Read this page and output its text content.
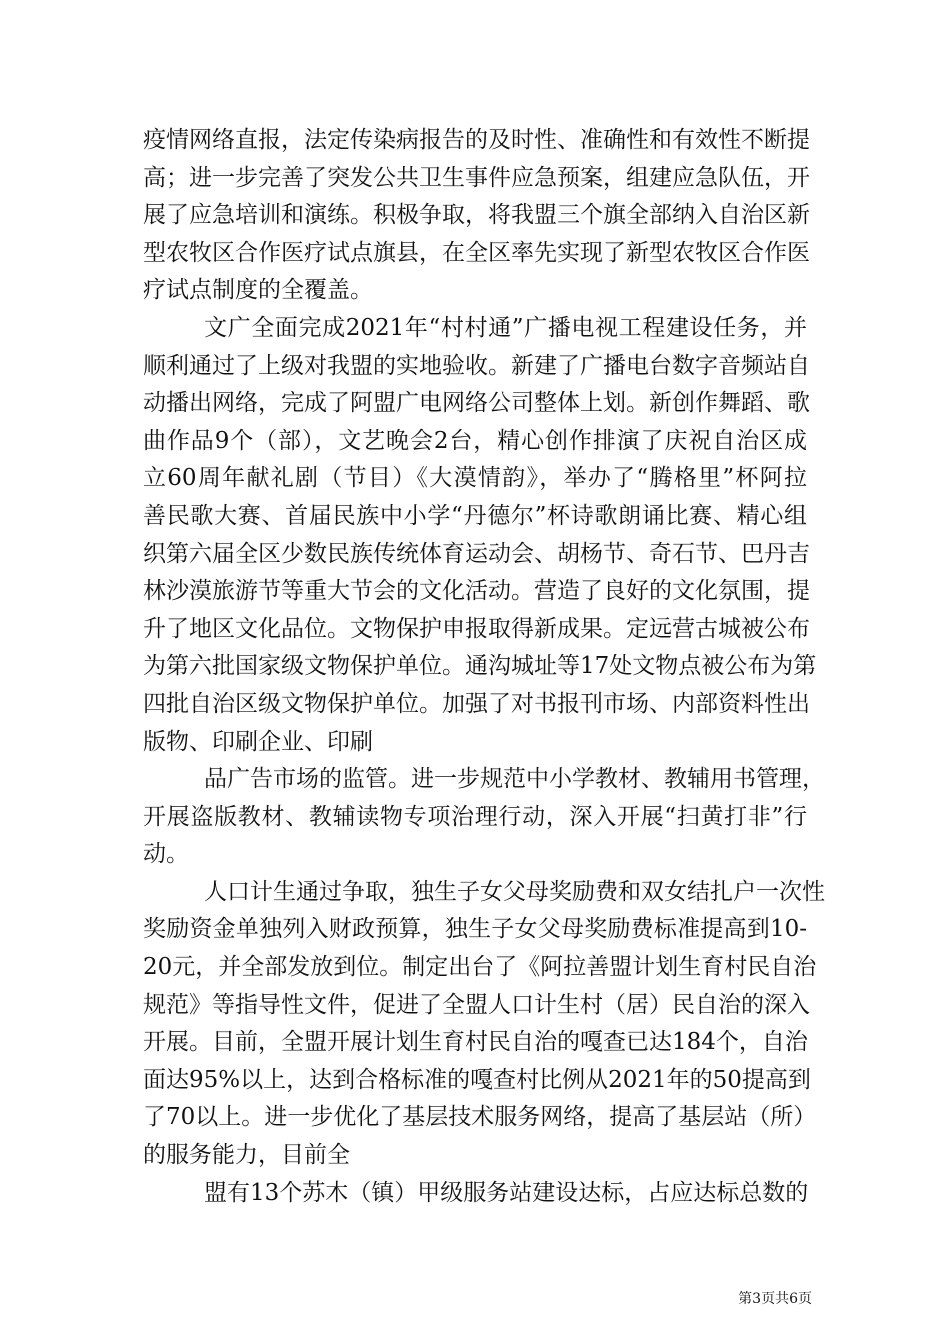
疫情网络直报，法定传染病报告的及时性、准确性和有效性不断提
高；进一步完善了突发公共卫生事件应急预案，组建应急队伍，开
展了应急培训和演练。积极争取，将我盟三个旗全部纳入自治区新
型农牧区合作医疗试点旗县，在全区率先实现了新型农牧区合作医
疗试点制度的全覆盖。
文广全面完成2021年“村村通”广播电视工程建设任务，并
顺利通过了上级对我盟的实地验收。新建了广播电台数字音频站自
动播出网络，完成了阿盟广电网络公司整体上划。新创作舞蹈、歌
曲作品9个（部），文艺晚会2台，精心创作排演了庆祝自治区成
立60周年献礼剧（节目）《大漠情韵》，举办了“腾格里”杯阿拉
善民歌大赛、首届民族中小学“丹德尔”杯诗歌朗诵比赛、精心组
织第六届全区少数民族传统体育运动会、胡杨节、奇石节、巴丹吉
林沙漠旅游节等重大节会的文化活动。营造了良好的文化氛围，提
升了地区文化品位。文物保护申报取得新成果。定远营古城被公布
为第六批国家级文物保护单位。通沟城址等17处文物点被公布为第
四批自治区级文物保护单位。加强了对书报刊市场、内部资料性出
版物、印刷企业、印刷
品广告市场的监管。进一步规范中小学教材、教辅用书管理，
开展盗版教材、教辅读物专项治理行动，深入开展“扫黄打非”行
动。
人口计生通过争取，独生子女父母奖励费和双女结扎户一次性
奖励资金单独列入财政预算，独生子女父母奖励费标准提高到10-
20元，并全部发放到位。制定出台了《阿拉善盟计划生育村民自治
规范》等指导性文件，促进了全盟人口计生村（居）民自治的深入
开展。目前，全盟开展计划生育村民自治的嘎查已达184个，自治
面达95%以上，达到合格标准的嘎查村比例从2021年的50提高到
了70以上。进一步优化了基层技术服务网络，提高了基层站（所）
的服务能力，目前全
盟有13个苏木（镇）甲级服务站建设达标，占应达标总数的
第3页共6页
